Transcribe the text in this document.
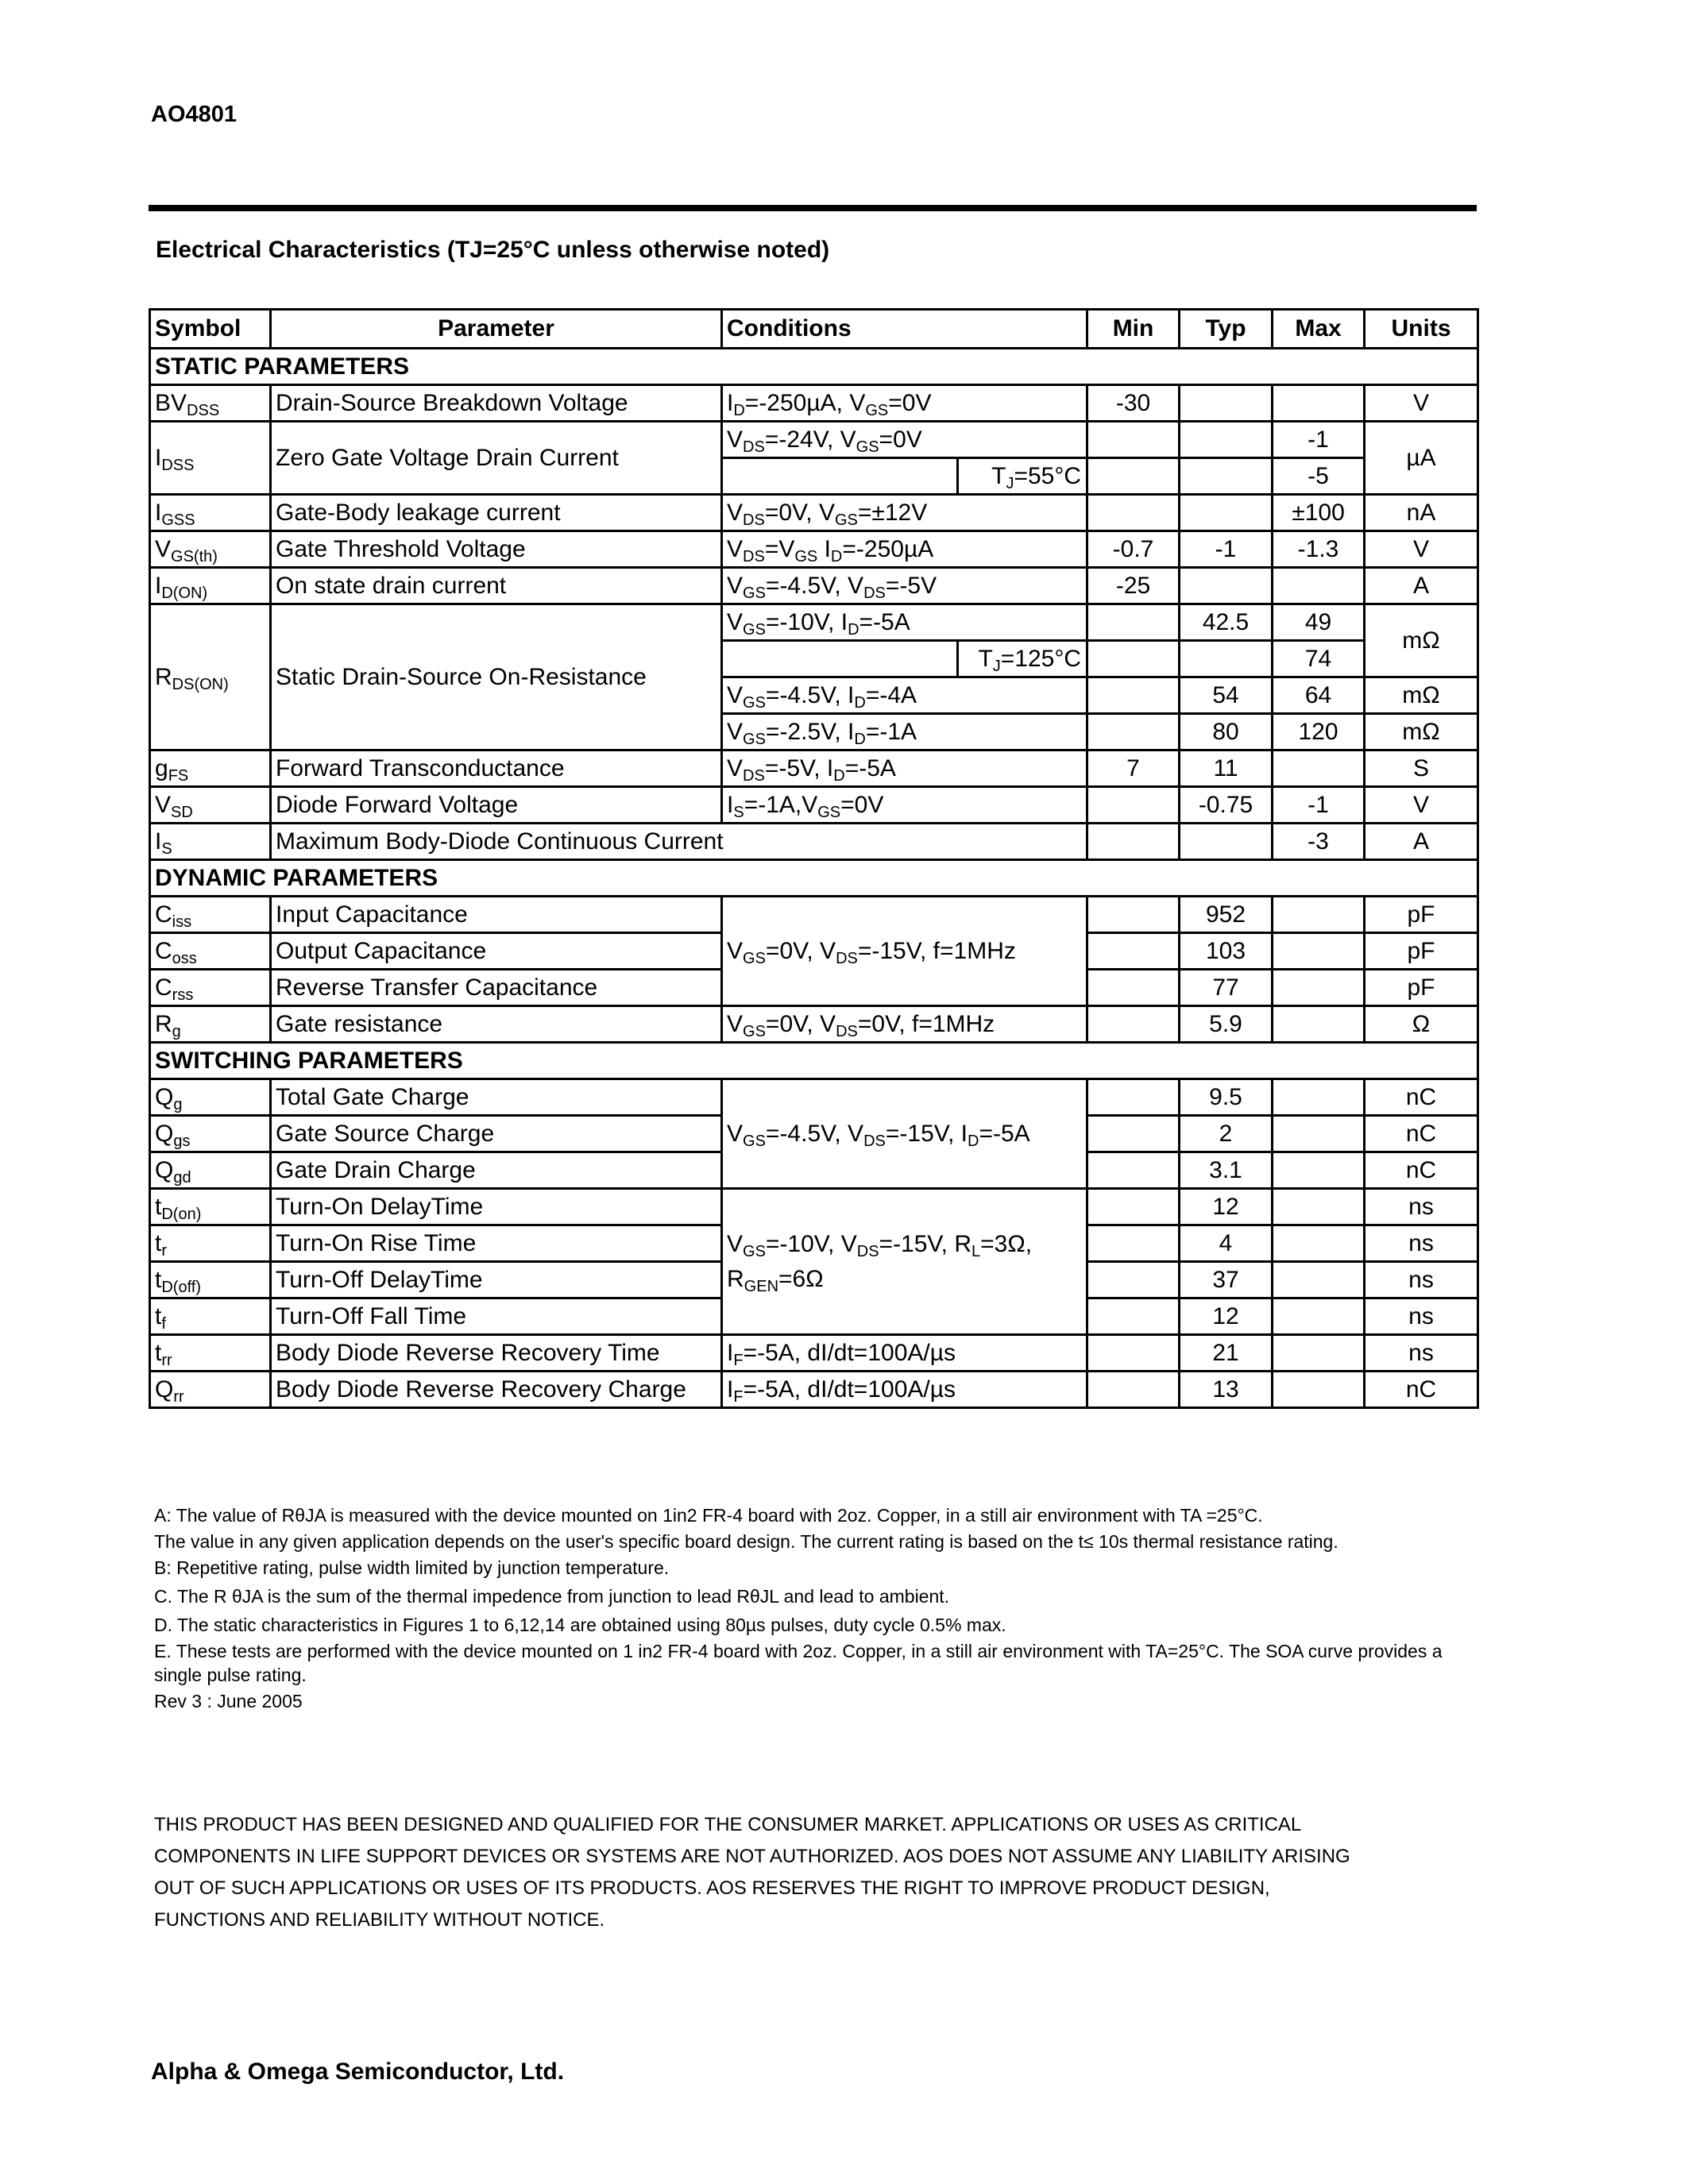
AO4801
Electrical Characteristics (TJ=25°C unless otherwise noted)
Symbol	Parameter	Conditions		Min	Typ	Max	Units
STATIC PARAMETERS							
$BV_{DSS}$	Drain-Source Breakdown Voltage	$I_D=-250\mu A$, $V_{GS}=0V$		-30			V
$I_{DSS}$	Zero Gate Voltage Drain Current	$V_{DS}=-24V$, $V_{GS}=0V$				-1	µA
			$T_J=55^\circ C$			-5	
$I_{GSS}$	Gate-Body leakage current	$V_{DS}=0V$, $V_{GS}=\pm 12V$				±100	nA
$V_{GS(th)}$	Gate Threshold Voltage	$V_{DS}=V_{GS}$ $I_D=-250\mu A$		-0.7	-1	-1.3	V
$I_{D(ON)}$	On state drain current	$V_{GS}=-4.5V$, $V_{DS}=-5V$		-25			A
$R_{DS(ON)}$	Static Drain-Source On-Resistance	$V_{GS}=-10V$, $I_D=-5A$			42.5	49	mΩ
			$T_J=125^\circ C$			74	
		$V_{GS}=-4.5V$, $I_D=-4A$			54	64	mΩ
		$V_{GS}=-2.5V$, $I_D=-1A$			80	120	mΩ
$g_{FS}$	Forward Transconductance	$V_{DS}=-5V$, $I_D=-5A$		7	11		S
$V_{SD}$	Diode Forward Voltage	$I_S=-1A,V_{GS}=0V$			-0.75	-1	V
$I_S$	Maximum Body-Diode Continuous Current					-3	A
DYNAMIC PARAMETERS							
$C_{iss}$	Input Capacitance	$V_{GS}=0V$, $V_{DS}=-15V$, f=1MHz			952		pF
$C_{oss}$	Output Capacitance				103		pF
$C_{rss}$	Reverse Transfer Capacitance				77		pF
$R_g$	Gate resistance	$V_{GS}=0V$, $V_{DS}=0V$, f=1MHz			5.9		Ω
SWITCHING PARAMETERS							
$Q_g$	Total Gate Charge	$V_{GS}=-4.5V$, $V_{DS}=-15V$, $I_D=-5A$			9.5		nC
$Q_{gs}$	Gate Source Charge				2		nC
$Q_{gd}$	Gate Drain Charge				3.1		nC
$t_{D(on)}$	Turn-On DelayTime	$V_{GS}=-10V$, $V_{DS}=-15V$, $R_L=3\Omega$, $R_{GEN}=6\Omega$			12		ns
$t_r$	Turn-On Rise Time				4		ns
$t_{D(off)}$	Turn-Off DelayTime				37		ns
$t_f$	Turn-Off Fall Time				12		ns
$t_{rr}$	Body Diode Reverse Recovery Time	$I_F=-5A$, dI/dt=100A/µs			21		ns
$Q_{rr}$	Body Diode Reverse Recovery Charge	$I_F=-5A$, dI/dt=100A/µs			13		nC

A: The value of RθJA is measured with the device mounted on 1in2 FR-4 board with 2oz. Copper, in a still air environment with TA =25°C.

The value in any given application depends on the user's specific board design. The current rating is based on the t≤ 10s thermal resistance rating.

B: Repetitive rating, pulse width limited by junction temperature.

C. The R θJA is the sum of the thermal impedence from junction to lead RθJL and lead to ambient.

D. The static characteristics in Figures 1 to 6,12,14 are obtained using 80µs pulses, duty cycle 0.5% max.

E. These tests are performed with the device mounted on 1 in2 FR-4 board with 2oz. Copper, in a still air environment with TA=25°C. The SOA curve provides a single pulse rating.

Rev 3 : June 2005

THIS PRODUCT HAS BEEN DESIGNED AND QUALIFIED FOR THE CONSUMER MARKET. APPLICATIONS OR USES AS CRITICAL

COMPONENTS IN LIFE SUPPORT DEVICES OR SYSTEMS ARE NOT AUTHORIZED. AOS DOES NOT ASSUME ANY LIABILITY ARISING

OUT OF SUCH APPLICATIONS OR USES OF ITS PRODUCTS. AOS RESERVES THE RIGHT TO IMPROVE PRODUCT DESIGN,

FUNCTIONS AND RELIABILITY WITHOUT NOTICE.

Alpha & Omega Semiconductor, Ltd.
